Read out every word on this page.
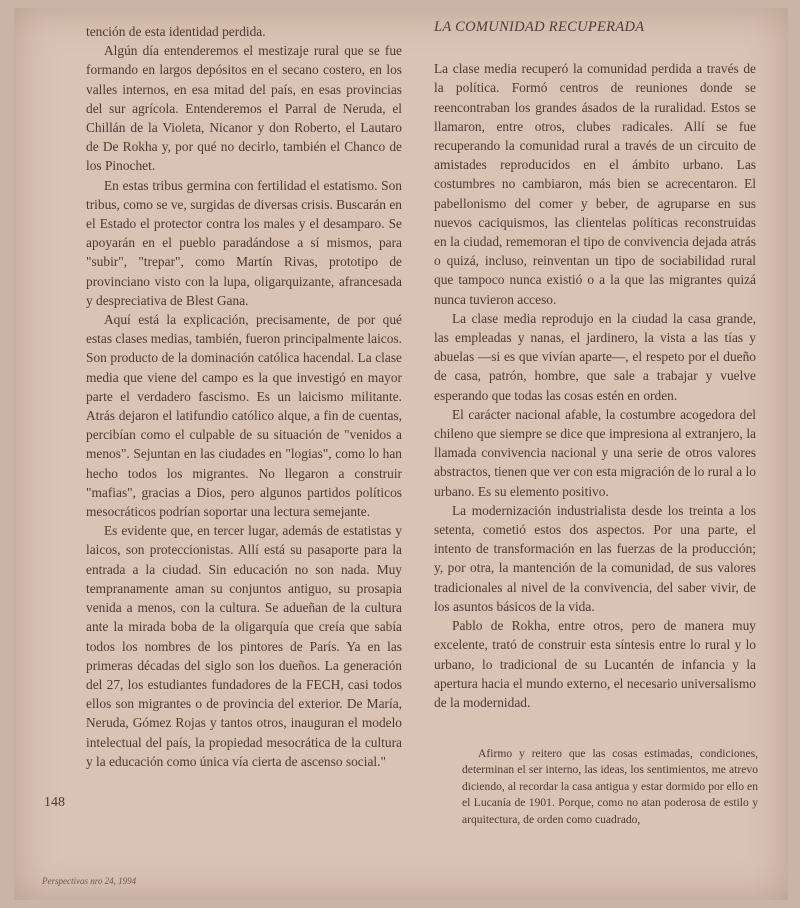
tención de esta identidad perdida.

Algún día entenderemos el mestizaje rural que se fue formando en largos depósitos en el secano costero, en los valles internos, en esa mitad del país, en esas provincias del sur agrícola. Entenderemos el Parral de Neruda, el Chillán de la Violeta, Nicanor y don Roberto, el Lautaro de De Rokha y, por qué no decirlo, también el Chanco de los Pinochet.

En estas tribus germina con fertilidad el estatismo. Son tribus, como se ve, surgidas de diversas crisis. Buscarán en el Estado el protector contra los males y el desamparo. Se apoyarán en el pueblo paradándose a sí mismos, para "subir", "trepar", como Martín Rivas, prototipo de provinciano visto con la lupa, oligarquizante, afrancesada y despreciativa de Blest Gana.

Aquí está la explicación, precisamente, de por qué estas clases medias, también, fueron principalmente laicos. Son producto de la dominación católica hacendal. La clase media que viene del campo es la que investigó en mayor parte el verdadero fascismo. Es un laicismo militante. Atrás dejaron el latifundio católico alque, a fin de cuentas, percibían como el culpable de su situación de "venidos a menos". Sejuntan en las ciudades en "logias", como lo han hecho todos los migrantes. No llegaron a construir "mafias", gracias a Dios, pero algunos partidos políticos mesocráticos podrían soportar una lectura semejante.

Es evidente que, en tercer lugar, además de estatistas y laicos, son proteccionistas. Allí está su pasaporte para la entrada a la ciudad. Sin educación no son nada. Muy tempranamente aman su conjuntos antiguo, su prosapia venida a menos, con la cultura. Se adueñan de la cultura ante la mirada boba de la oligarquía que creía que sabía todos los nombres de los pintores de París. Ya en las primeras décadas del siglo son los dueños. La generación del 27, los estudiantes fundadores de la FECH, casi todos ellos son migrantes o de provincia del exterior. De María, Neruda, Gómez Rojas y tantos otros, inauguran el modelo intelectual del país, la propiedad mesocrática de la cultura y la educación como única vía cierta de ascenso social."

LA COMUNIDAD RECUPERADA

La clase media recuperó la comunidad perdida a través de la política. Formó centros de reuniones donde se reencontraban los grandes ásados de la ruralidad. Estos se llamaron, entre otros, clubes radicales. Allí se fue recuperando la comunidad rural a través de un circuito de amistades reproducidos en el ámbito urbano. Las costumbres no cambiaron, más bien se acrecentaron. El pabellonismo del comer y beber, de agruparse en sus nuevos caciquismos, las clientelas políticas reconstruidas en la ciudad, rememoran el tipo de convivencia dejada atrás o quizá, incluso, reinventan un tipo de sociabilidad rural que tampoco nunca existió o a la que las migrantes quizá nunca tuvieron acceso.

La clase media reprodujo en la ciudad la casa grande, las empleadas y nanas, el jardinero, la vista a las tías y abuelas —si es que vivían aparte—, el respeto por el dueño de casa, patrón, hombre, que sale a trabajar y vuelve esperando que todas las cosas estén en orden.

El carácter nacional afable, la costumbre acogedora del chileno que siempre se dice que impresiona al extranjero, la llamada convivencia nacional y una serie de otros valores abstractos, tienen que ver con esta migración de lo rural a lo urbano. Es su elemento positivo.

La modernización industrialista desde los treinta a los setenta, cometió estos dos aspectos. Por una parte, el intento de transformación en las fuerzas de la producción; y, por otra, la mantención de la comunidad, de sus valores tradicionales al nivel de la convivencia, del saber vivir, de los asuntos básicos de la vida.

Pablo de Rokha, entre otros, pero de manera muy excelente, trató de construir esta síntesis entre lo rural y lo urbano, lo tradicional de su Lucantén de infancia y la apertura hacia el mundo externo, el necesario universalismo de la modernidad.

Afirmo y reitero que las cosas estimadas, condiciones, determinan el ser interno, las ideas, los sentimientos, me atrevo diciendo, al recordar la casa antigua y estar dormido por ello en el Lucanía de 1901. Porque, como no atan poderosa de estilo y arquitectura, de orden como cuadrado,

148
Perspectivas nro 24, 1994
